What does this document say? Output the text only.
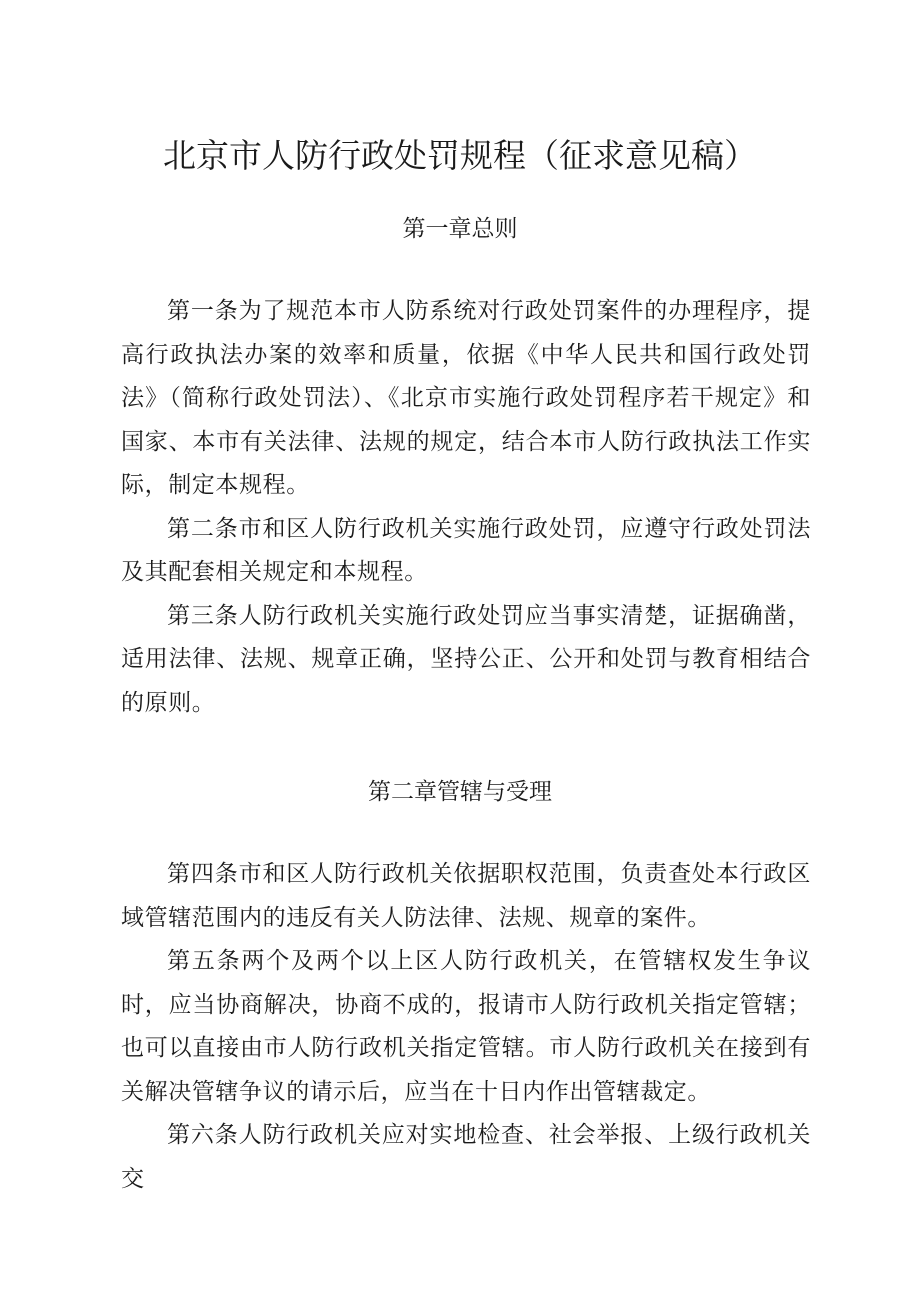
北京市人防行政处罚规程（征求意见稿）
第一章总则

第一条为了规范本市人防系统对行政处罚案件的办理程序，提高行政执法办案的效率和质量，依据《中华人民共和国行政处罚法》（简称行政处罚法）、《北京市实施行政处罚程序若干规定》和国家、本市有关法律、法规的规定，结合本市人防行政执法工作实际，制定本规程。

第二条市和区人防行政机关实施行政处罚，应遵守行政处罚法及其配套相关规定和本规程。

第三条人防行政机关实施行政处罚应当事实清楚，证据确凿，适用法律、法规、规章正确，坚持公正、公开和处罚与教育相结合的原则。

第二章管辖与受理

第四条市和区人防行政机关依据职权范围，负责查处本行政区域管辖范围内的违反有关人防法律、法规、规章的案件。

第五条两个及两个以上区人防行政机关，在管辖权发生争议时，应当协商解决，协商不成的，报请市人防行政机关指定管辖；也可以直接由市人防行政机关指定管辖。市人防行政机关在接到有关解决管辖争议的请示后，应当在十日内作出管辖裁定。

第六条人防行政机关应对实地检查、社会举报、上级行政机关交
